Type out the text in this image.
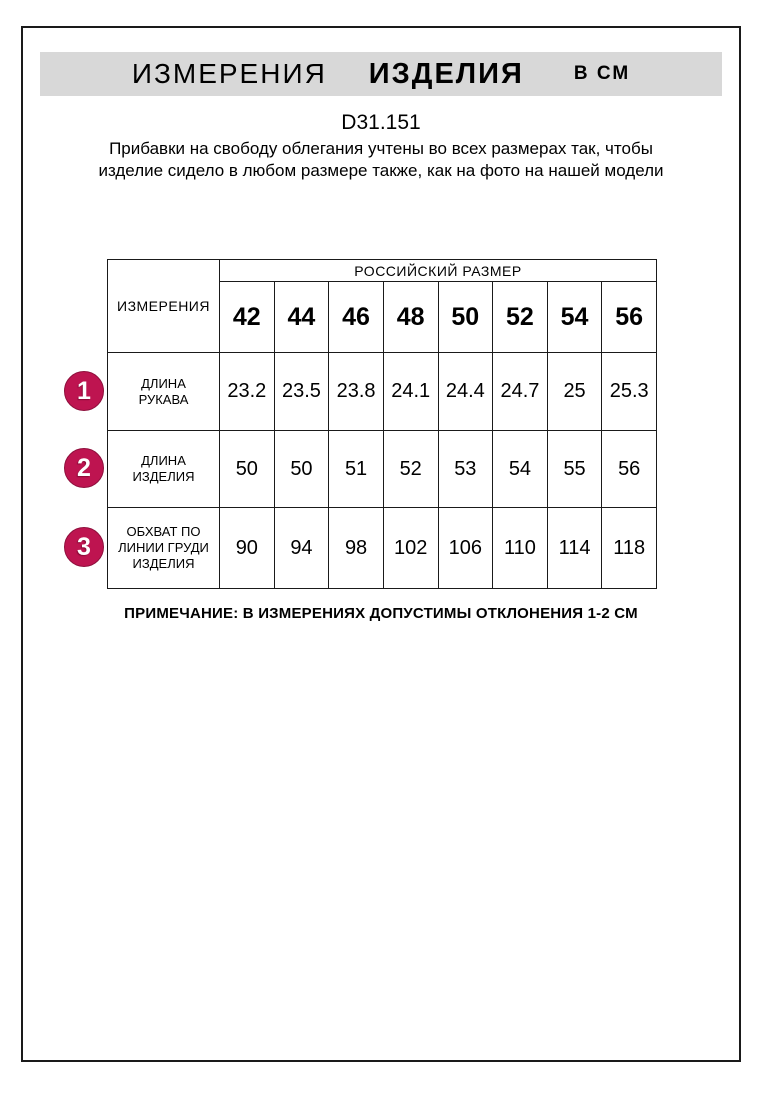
ИЗМЕРЕНИЯ ИЗДЕЛИЯ	В СМ
D31.151

Прибавки на свободу облегания учтены во всех размерах так, чтобы изделие сидело в любом размере также, как на фото на нашей модели

ИЗМЕРЕНИЯ	РОССИЙСКИЙ РАЗМЕР							
	42	44	46	48	50	52	54	56
ДЛИНА РУКАВА	23.2	23.5	23.8	24.1	24.4	24.7	25	25.3
ДЛИНА ИЗДЕЛИЯ	50	50	51	52	53	54	55	56
ОБХВАТ ПО ЛИНИИ ГРУДИ ИЗДЕЛИЯ	90	94	98	102	106	110	114	118
1
2
3
ПРИМЕЧАНИЕ: В ИЗМЕРЕНИЯХ ДОПУСТИМЫ ОТКЛОНЕНИЯ 1-2 СМ
